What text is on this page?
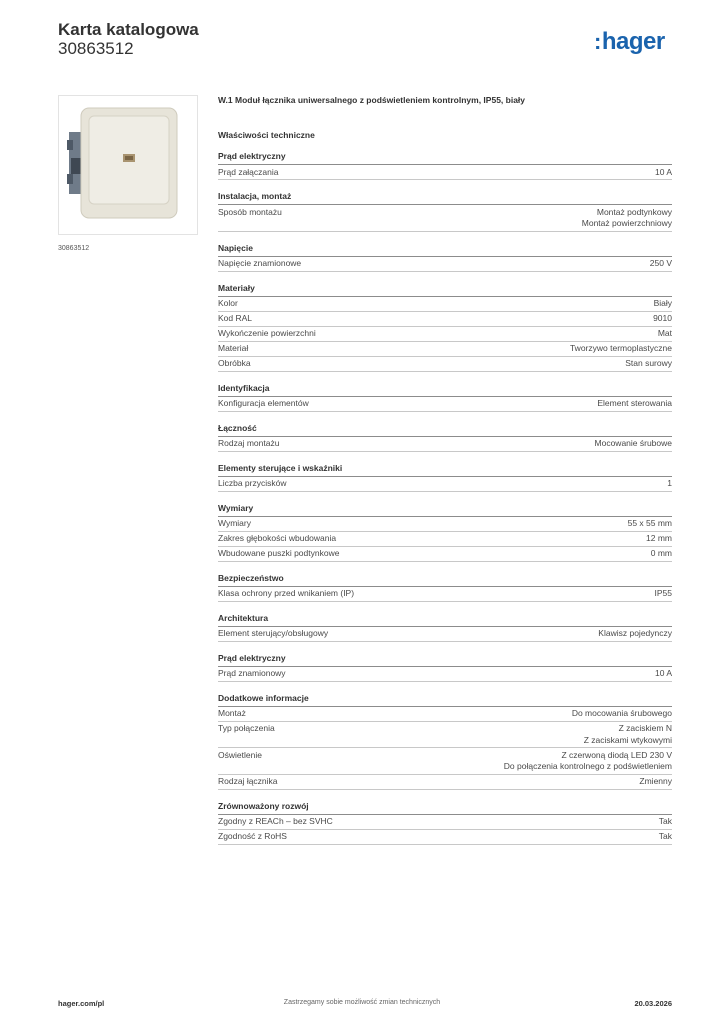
Karta katalogowa
30863512	:hager
30863512
W.1 Moduł łącznika uniwersalnego z podświetleniem kontrolnym, IP55, biały
Właściwości techniczne
Prąd elektryczny
Prąd załączania	10 A
Instalacja, montaż
Sposób montażu	Montaż podtynkowy
Montaż powierzchniowy
Napięcie
Napięcie znamionowe	250 V
Materiały
Kolor	Biały
Kod RAL	9010
Wykończenie powierzchni	Mat
Materiał	Tworzywo termoplastyczne
Obróbka	Stan surowy
Identyfikacja
Konfiguracja elementów	Element sterowania
Łączność
Rodzaj montażu	Mocowanie śrubowe
Elementy sterujące i wskaźniki
Liczba przycisków	1
Wymiary
Wymiary	55 x 55 mm
Zakres głębokości wbudowania	12 mm
Wbudowane puszki podtynkowe	0 mm
Bezpieczeństwo
Klasa ochrony przed wnikaniem (IP)	IP55
Architektura
Element sterujący/obsługowy	Klawisz pojedynczy
Prąd elektryczny
Prąd znamionowy	10 A
Dodatkowe informacje
Montaż	Do mocowania śrubowego
Typ połączenia	Z zaciskiem N
Z zaciskami wtykowymi
Oświetlenie	Z czerwoną diodą LED 230 V
Do połączenia kontrolnego z podświetleniem
Rodzaj łącznika	Zmienny
Zrównoważony rozwój
Zgodny z REACh – bez SVHC	Tak
Zgodność z RoHS	Tak
hager.com/pl	Zastrzegamy sobie możliwość zmian technicznych	20.03.2026
